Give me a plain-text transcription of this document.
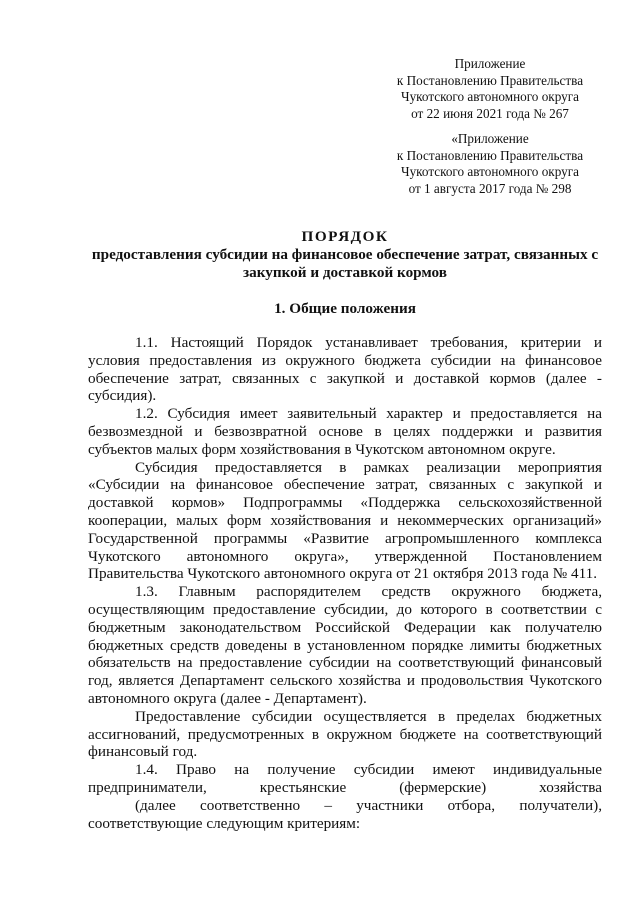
Приложение
к Постановлению Правительства
Чукотского автономного округа
от 22 июня 2021 года № 267
«Приложение
к Постановлению Правительства
Чукотского автономного округа
от 1 августа 2017 года № 298
ПОРЯДОК
предоставления субсидии на финансовое обеспечение затрат, связанных с
закупкой и доставкой кормов
1. Общие положения

1.1. Настоящий Порядок устанавливает требования, критерии и условия предоставления из окружного бюджета субсидии на финансовое обеспечение затрат, связанных с закупкой и доставкой кормов (далее - субсидия).

1.2. Субсидия имеет заявительный характер и предоставляется на безвозмездной и безвозвратной основе в целях поддержки и развития субъектов малых форм хозяйствования в Чукотском автономном округе.

Субсидия предоставляется в рамках реализации мероприятия «Субсидии на финансовое обеспечение затрат, связанных с закупкой и доставкой кормов» Подпрограммы «Поддержка сельскохозяйственной кооперации, малых форм хозяйствования и некоммерческих организаций» Государственной программы «Развитие агропромышленного комплекса Чукотского автономного округа», утвержденной Постановлением Правительства Чукотского автономного округа от 21 октября 2013 года № 411.

1.3. Главным распорядителем средств окружного бюджета, осуществляющим предоставление субсидии, до которого в соответствии с бюджетным законодательством Российской Федерации как получателю бюджетных средств доведены в установленном порядке лимиты бюджетных обязательств на предоставление субсидии на соответствующий финансовый год, является Департамент сельского хозяйства и продовольствия Чукотского автономного округа (далее - Департамент).

Предоставление субсидии осуществляется в пределах бюджетных ассигнований, предусмотренных в окружном бюджете на соответствующий финансовый год.

1.4. Право на получение субсидии имеют индивидуальные предприниматели, крестьянские (фермерские) хозяйства

(далее соответственно – участники отбора, получатели), соответствующие следующим критериям:
